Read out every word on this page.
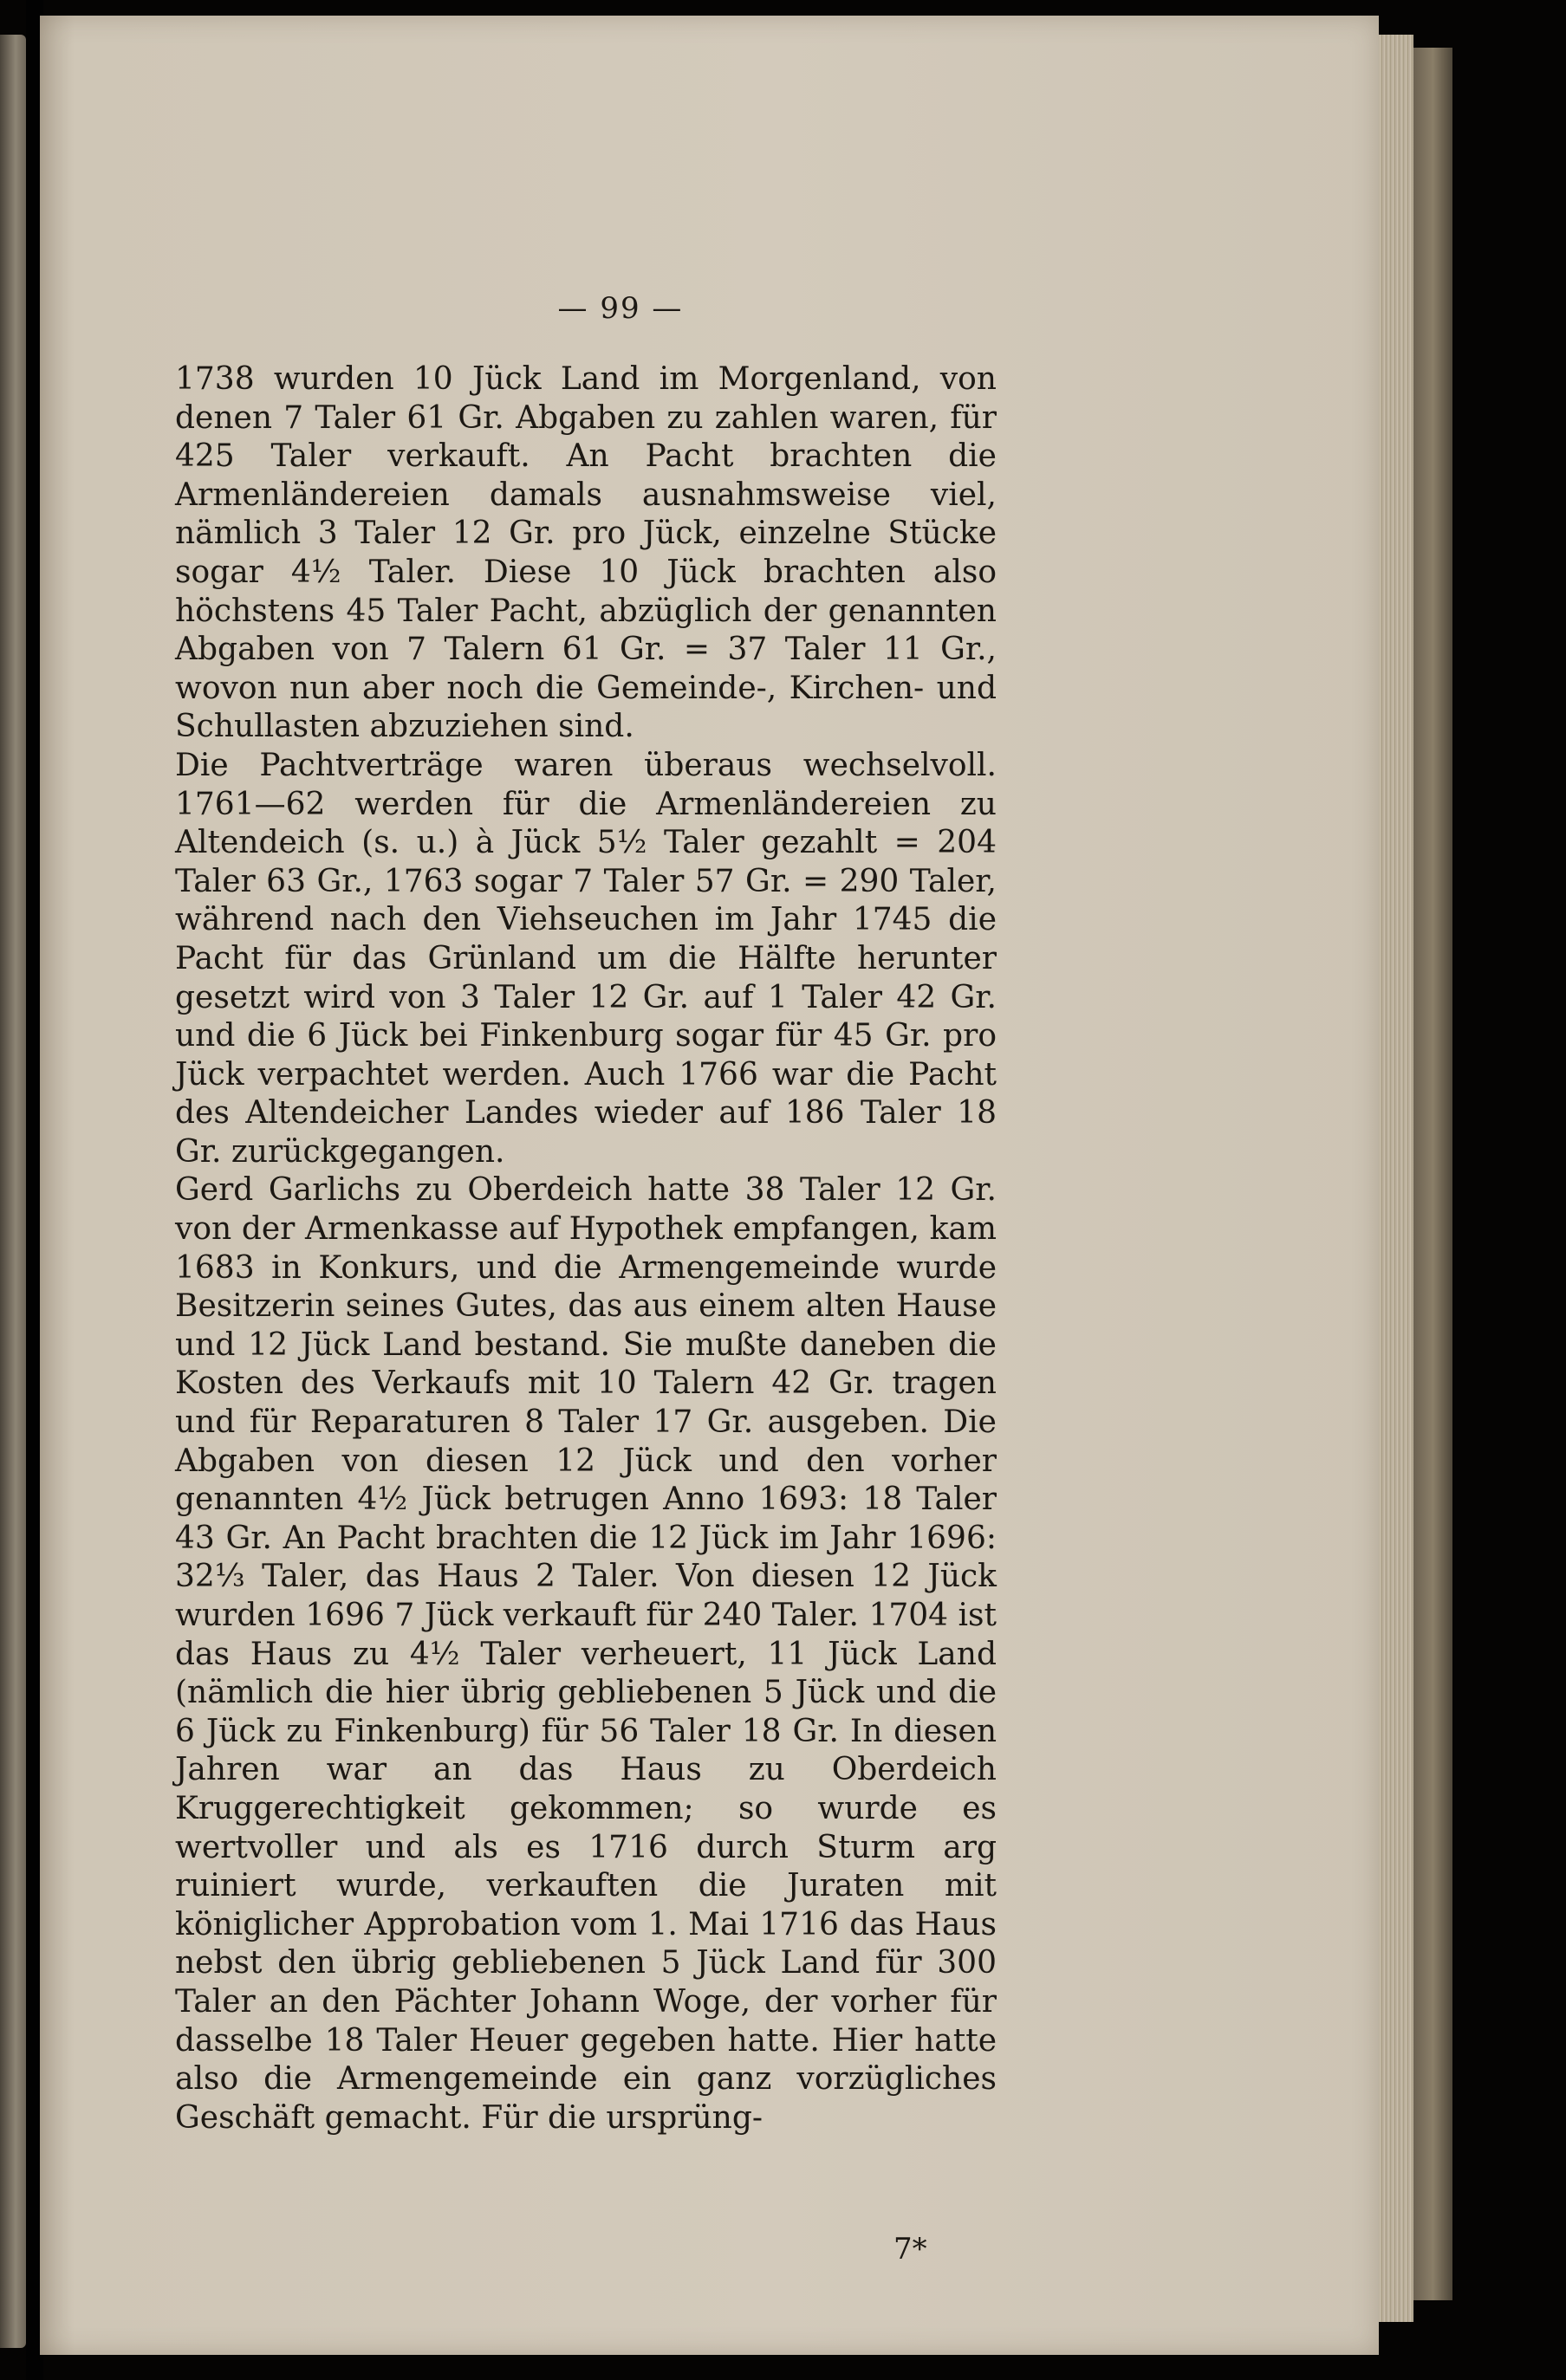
— 99 —

1738 wurden 10 Jück Land im Morgenland, von denen 7 Taler 61 Gr. Abgaben zu zahlen waren, für 425 Taler verkauft. An Pacht brachten die Armenländereien damals ausnahmsweise viel, nämlich 3 Taler 12 Gr. pro Jück, einzelne Stücke sogar 4½ Taler. Diese 10 Jück brachten also höchstens 45 Taler Pacht, abzüglich der genannten Abgaben von 7 Talern 61 Gr. = 37 Taler 11 Gr., wovon nun aber noch die Gemeinde-, Kirchen- und Schullasten abzuziehen sind.

Die Pachtverträge waren überaus wechselvoll. 1761—62 werden für die Armenländereien zu Altendeich (s. u.) à Jück 5½ Taler gezahlt = 204 Taler 63 Gr., 1763 sogar 7 Taler 57 Gr. = 290 Taler, während nach den Viehseuchen im Jahr 1745 die Pacht für das Grünland um die Hälfte herunter gesetzt wird von 3 Taler 12 Gr. auf 1 Taler 42 Gr. und die 6 Jück bei Finkenburg sogar für 45 Gr. pro Jück verpachtet werden. Auch 1766 war die Pacht des Altendeicher Landes wieder auf 186 Taler 18 Gr. zurückgegangen.

Gerd Garlichs zu Oberdeich hatte 38 Taler 12 Gr. von der Armenkasse auf Hypothek empfangen, kam 1683 in Konkurs, und die Armengemeinde wurde Besitzerin seines Gutes, das aus einem alten Hause und 12 Jück Land bestand. Sie mußte daneben die Kosten des Verkaufs mit 10 Talern 42 Gr. tragen und für Reparaturen 8 Taler 17 Gr. ausgeben. Die Abgaben von diesen 12 Jück und den vorher genannten 4½ Jück betrugen Anno 1693: 18 Taler 43 Gr. An Pacht brachten die 12 Jück im Jahr 1696: 32⅓ Taler, das Haus 2 Taler. Von diesen 12 Jück wurden 1696 7 Jück verkauft für 240 Taler. 1704 ist das Haus zu 4½ Taler verheuert, 11 Jück Land (nämlich die hier übrig gebliebenen 5 Jück und die 6 Jück zu Finkenburg) für 56 Taler 18 Gr. In diesen Jahren war an das Haus zu Oberdeich Kruggerechtigkeit gekommen; so wurde es wertvoller und als es 1716 durch Sturm arg ruiniert wurde, verkauften die Juraten mit königlicher Approbation vom 1. Mai 1716 das Haus nebst den übrig gebliebenen 5 Jück Land für 300 Taler an den Pächter Johann Woge, der vorher für dasselbe 18 Taler Heuer gegeben hatte. Hier hatte also die Armengemeinde ein ganz vorzügliches Geschäft gemacht. Für die ursprüng-

7*
